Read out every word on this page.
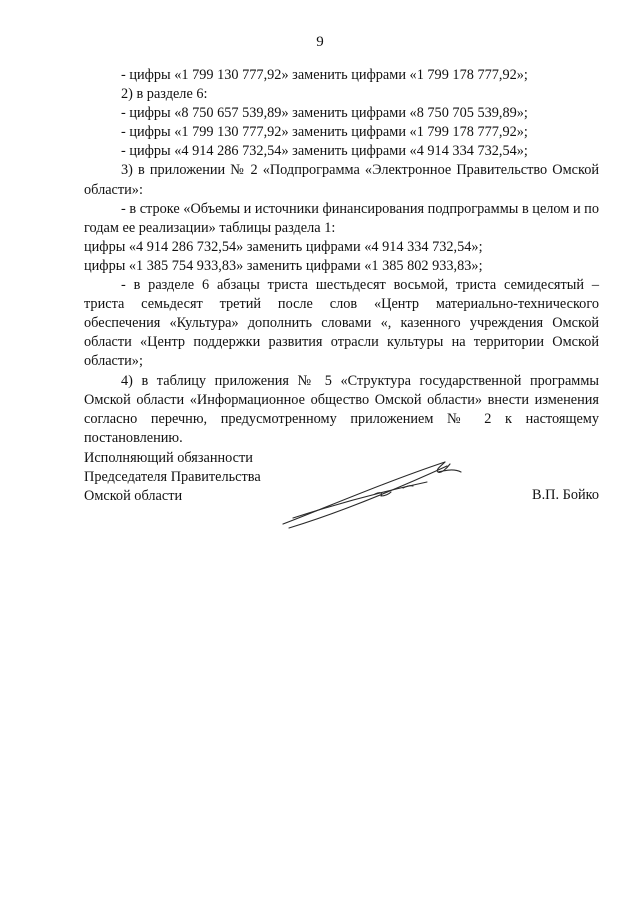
9

- цифры «1 799 130 777,92» заменить цифрами «1 799 178 777,92»;

2) в разделе 6:

- цифры «8 750 657 539,89» заменить цифрами «8 750 705 539,89»;

- цифры «1 799 130 777,92» заменить цифрами «1 799 178 777,92»;

- цифры «4 914 286 732,54» заменить цифрами «4 914 334 732,54»;

3) в приложении № 2 «Подпрограмма «Электронное Правительство Омской области»:

- в строке «Объемы и источники финансирования подпрограммы в целом и по годам ее реализации» таблицы раздела 1:

цифры «4 914 286 732,54» заменить цифрами «4 914 334 732,54»;

цифры «1 385 754 933,83» заменить цифрами «1 385 802 933,83»;

- в разделе 6 абзацы триста шестьдесят восьмой, триста семидесятый – триста семьдесят третий после слов «Центр материально-технического обеспечения «Культура» дополнить словами «, казенного учреждения Омской области «Центр поддержки развития отрасли культуры на территории Омской области»;

4) в таблицу приложения № 5 «Структура государственной программы Омской области «Информационное общество Омской области» внести изменения согласно перечню, предусмотренному приложением № 2 к настоящему постановлению.

Исполняющий обязанности

Председателя Правительства

Омской области	В.П. Бойко
